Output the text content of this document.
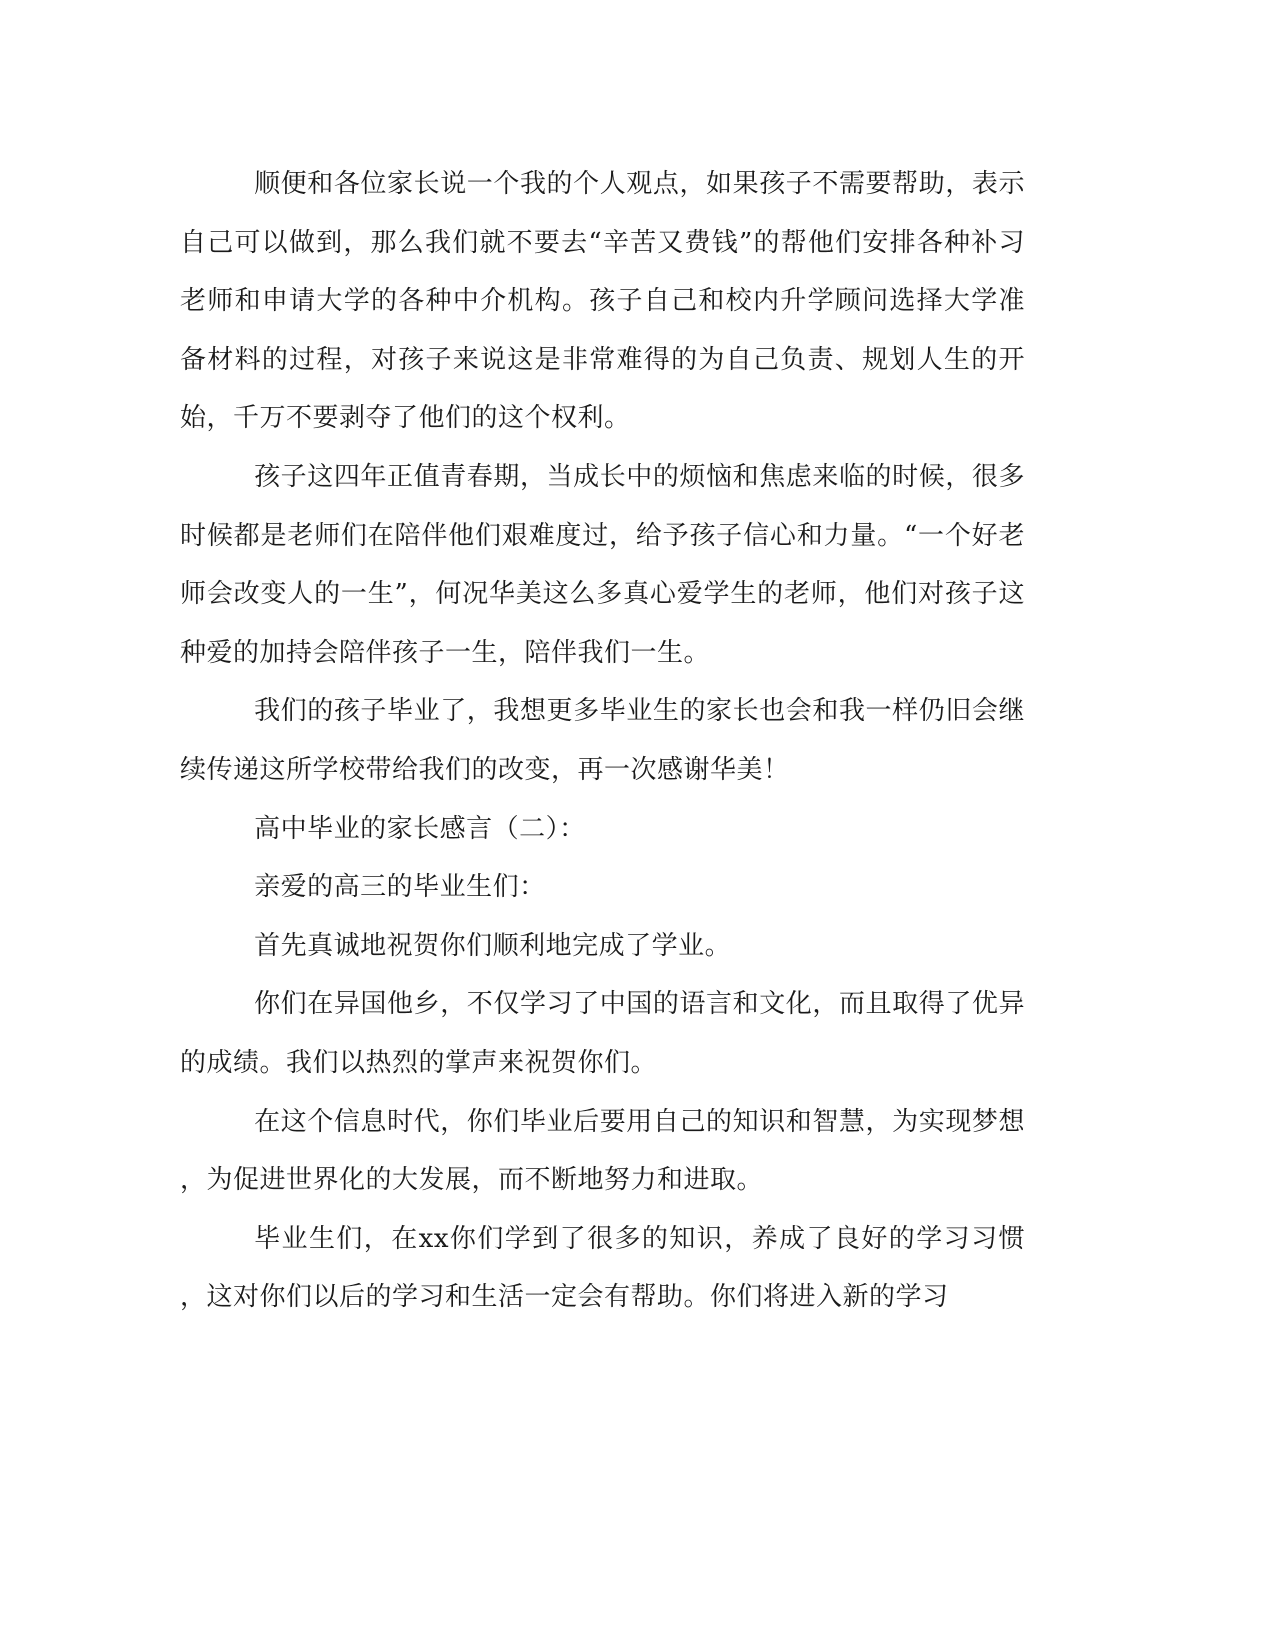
顺便和各位家长说一个我的个人观点，如果孩子不需要帮助，表示自己可以做到，那么我们就不要去“辛苦又费钱”的帮他们安排各种补习老师和申请大学的各种中介机构。孩子自己和校内升学顾问选择大学准备材料的过程，对孩子来说这是非常难得的为自己负责、规划人生的开始，千万不要剥夺了他们的这个权利。

孩子这四年正值青春期，当成长中的烦恼和焦虑来临的时候，很多时候都是老师们在陪伴他们艰难度过，给予孩子信心和力量。“一个好老师会改变人的一生”，何况华美这么多真心爱学生的老师，他们对孩子这种爱的加持会陪伴孩子一生，陪伴我们一生。

我们的孩子毕业了，我想更多毕业生的家长也会和我一样仍旧会继续传递这所学校带给我们的改变，再一次感谢华美！

高中毕业的家长感言（二）：

亲爱的高三的毕业生们：

首先真诚地祝贺你们顺利地完成了学业。

你们在异国他乡，不仅学习了中国的语言和文化，而且取得了优异的成绩。我们以热烈的掌声来祝贺你们。

在这个信息时代，你们毕业后要用自己的知识和智慧，为实现梦想，为促进世界化的大发展，而不断地努力和进取。

毕业生们，在xx你们学到了很多的知识，养成了良好的学习习惯，这对你们以后的学习和生活一定会有帮助。你们将进入新的学习
